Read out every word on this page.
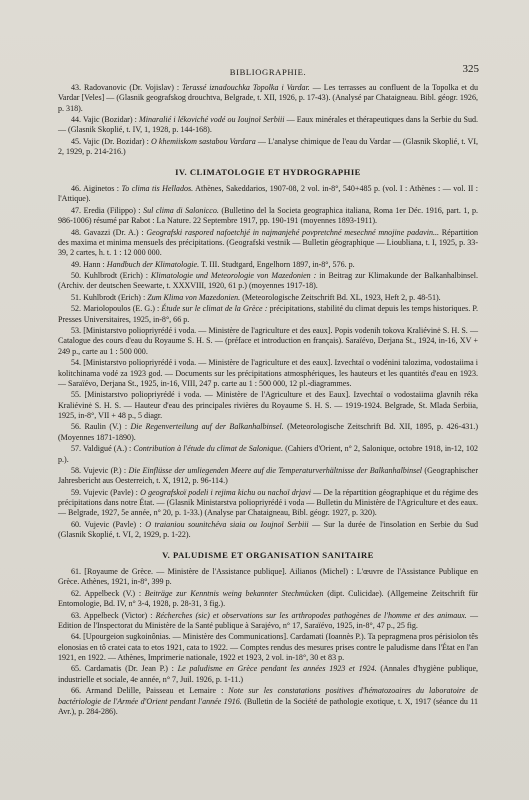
BIBLIOGRAPHIE.	325

43. Radovanovic (Dr. Vojislav) : Terassé iznadouchka Topolka i Vardar. — Les terrasses au confluent de la Topolka et du Vardar [Veles] — (Glasnik geografskog drouchtva, Belgrade, t. XII, 1926, p. 17-43). (Analysé par Chataigneau. Bibl. géogr. 1926, p. 318).

44. Vajic (Bozidar) : Minaralié i lékoviché vodé ou Ioujnoï Serbiii — Eaux minérales et thérapeutiques dans la Serbie du Sud. — (Glasnik Skoplié, t. IV, 1, 1928, p. 144-168).

45. Vajic (Dr. Bozidar) : O khemiiskom sastabou Vardara — L'analyse chimique de l'eau du Vardar — (Glasnik Skoplié, t. VI, 2, 1929, p. 214-216.)

IV. CLIMATOLOGIE ET HYDROGRAPHIE

46. Aiginetos : To clima tis Hellados. Athènes, Sakeddarios, 1907-08, 2 vol. in-8°, 540+485 p. (vol. I : Athènes : — vol. II : l'Attique).

47. Eredia (Filippo) : Sul clima di Salonicco. (Bulletino del la Societa geographica italiana, Roma 1er Déc. 1916, part. 1, p. 986-1006) résumé par Rabot : La Nature. 22 Septembre 1917, pp. 190-191 (moyennes 1893-1911).

48. Gavazzi (Dr. A.) : Geografski raspored nafoetchjé in najmanjehé povpretchné mesechné mnojine padavin... Répartition des maxima et minima mensuels des précipitations. (Geografski vestnik — Bulletin géographique — Lioubliana, t. I, 1925, p. 33-39, 2 cartes, h. t. 1 : 12 000 000.

49. Hann : Handbuch der Klimatologie. T. III. Studtgard, Engelhorn 1897, in-8°, 576. p.

50. Kuhlbrodt (Erich) : Klimatologie und Meteorologie von Mazedonien : in Beitrag zur Klimakunde der Balkanhalbinsel. (Archiv. der deutschen Seewarte, t. XXXVIII, 1920, 61 p.) (moyennes 1917-18).

51. Kuhlbrodt (Erich) : Zum Klima von Mazedonien. (Meteorologische Zeitschrift Bd. XL, 1923, Heft 2, p. 48-51).

52. Mariolopoulos (E. G.) : Étude sur le climat de la Grèce : précipitations, stabilité du climat depuis les temps historiques. P. Presses Universitaires, 1925, in-8°, 66 p.

53. [Ministarstvo poliopriyrédé i voda. — Ministère de l'agriculture et des eaux]. Popis vodenih tokova Kraliévinė S. H. S. — Catalogue des cours d'eau du Royaume S. H. S. — (préface et introduction en français). Saraïévo, Derjana St., 1924, in-16, XV + 249 p., carte au 1 : 500 000.

54. [Ministarstvo poliopriyrédé i voda. — Ministère de l'agriculture et des eaux]. Izvechtaï o vodénini talozima, vodostaiima i kolitchinama vodé za 1923 god. — Documents sur les précipitations atmosphériques, les hauteurs et les quantités d'eau en 1923. — Saraïévo, Derjana St., 1925, in-16, VIII, 247 p. carte au 1 : 500 000, 12 pl.-diagrammes.

55. [Ministarstvo poliopriyrédé i voda. — Ministère de l'Agriculture et des Eaux]. Izvechtaï o vodostaiima glavnih réka Kraliévinė S. H. S. — Hauteur d'eau des principales rivières du Royaume S. H. S. — 1919-1924. Belgrade, St. Mlada Serbiia, 1925, in-8°, VII + 48 p., 5 diagr.

56. Raulin (V.) : Die Regenverteilung auf der Balkanhalbinsel. (Meteorologische Zeitschrift Bd. XII, 1895, p. 426-431.) (Moyennes 1871-1890).

57. Valdigué (A.) : Contribution à l'étude du climat de Salonique. (Cahiers d'Orient, n° 2, Salonique, octobre 1918, in-12, 102 p.).

58. Vujevic (P.) : Die Einflüsse der umliegenden Meere auf die Temperaturverhältnisse der Balkanhalbinsel (Geographischer Jahresbericht aus Oesterreich, t. X, 1912, p. 96-114.)

59. Vujevic (Pavle) : O geografskoï podeli i rejima kichu ou nachoï drjavi — De la répartition géographique et du régime des précipitations dans notre État. — (Glasnik Ministarstva poliopriyrédé i voda — Bulletin du Ministère de l'Agriculture et des eaux. — Belgrade, 1927, 5e année, n° 20, p. 1-33.) (Analyse par Chataigneau, Bibl. géogr. 1927, p. 320).

60. Vujevic (Pavle) : O traianiou sounitchéva siaia ou Ioujnoï Serbiii — Sur la durée de l'insolation en Serbie du Sud (Glasnik Skoplié, t. VI, 2, 1929, p. 1-22).

V. PALUDISME ET ORGANISATION SANITAIRE

61. [Royaume de Grèce. — Ministère de l'Assistance publique]. Ailianos (Michel) : L'œuvre de l'Assistance Publique en Grèce. Athènes, 1921, in-8°, 399 p.

62. Appelbeck (V.) : Beiträge zur Kenntnis weing bekannter Stechmücken (dipt. Culicidae). (Allgemeine Zeitschrift für Entomologie, Bd. IV, n° 3-4, 1928, p. 28-31, 3 fig.).

63. Appelbeck (Victor) : Récherches (sic) et observations sur les arthropodes pathogènes de l'homme et des animaux. — Edition de l'Inspectorat du Ministère de la Santé publique à Sarajévo, n° 17, Saraïévo, 1925, in-8°, 47 p., 25 fig.

64. [Upourgeion sugkoinônias. — Ministère des Communications]. Cardamati (Ioannès P.). Ta pepragmena pros périsiolon tês elonosias en tô cratei cata to etos 1921, cata to 1922. — Comptes rendus des mesures prises contre le paludisme dans l'État en l'an 1921, en 1922. — Athènes, Imprimerie nationale, 1922 et 1923, 2 vol. in-18°, 30 et 83 p.

65. Cardamatis (Dr. Jean P.) : Le paludisme en Grèce pendant les années 1923 et 1924. (Annales d'hygiène publique, industrielle et sociale, 4e année, n° 7, Juil. 1926, p. 1-11.)

66. Armand Delille, Paisseau et Lemaire : Note sur les constatations positives d'hématozoaires du laboratoire de bactériologie de l'Armée d'Orient pendant l'année 1916. (Bulletin de la Société de pathologie exotique, t. X, 1917 (séance du 11 Avr.), p. 284-286).
